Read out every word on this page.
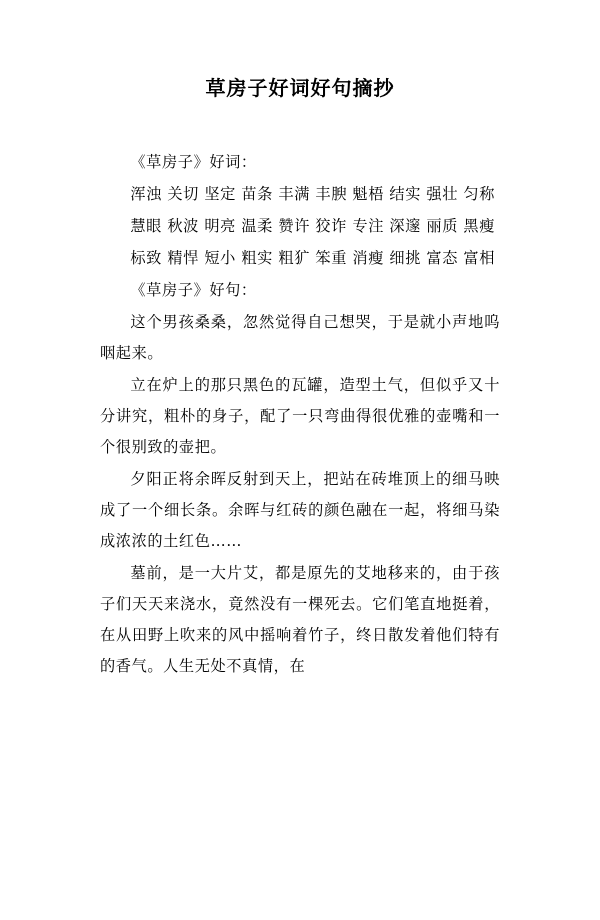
草房子好词好句摘抄

《草房子》好词：

浑浊 关切 坚定 苗条 丰满 丰腴 魁梧 结实 强壮 匀称

慧眼 秋波 明亮 温柔 赞许 狡诈 专注 深邃 丽质 黑瘦

标致 精悍 短小 粗实 粗犷 笨重 消瘦 细挑 富态 富相

《草房子》好句：

这个男孩桑桑，忽然觉得自己想哭，于是就小声地呜咽起来。

立在炉上的那只黑色的瓦罐，造型土气，但似乎又十分讲究，粗朴的身子，配了一只弯曲得很优雅的壶嘴和一个很别致的壶把。

夕阳正将余晖反射到天上，把站在砖堆顶上的细马映成了一个细长条。余晖与红砖的颜色融在一起，将细马染成浓浓的土红色……

墓前，是一大片艾，都是原先的艾地移来的，由于孩子们天天来浇水，竟然没有一棵死去。它们笔直地挺着，在从田野上吹来的风中摇响着竹子，终日散发着他们特有的香气。人生无处不真情，在
